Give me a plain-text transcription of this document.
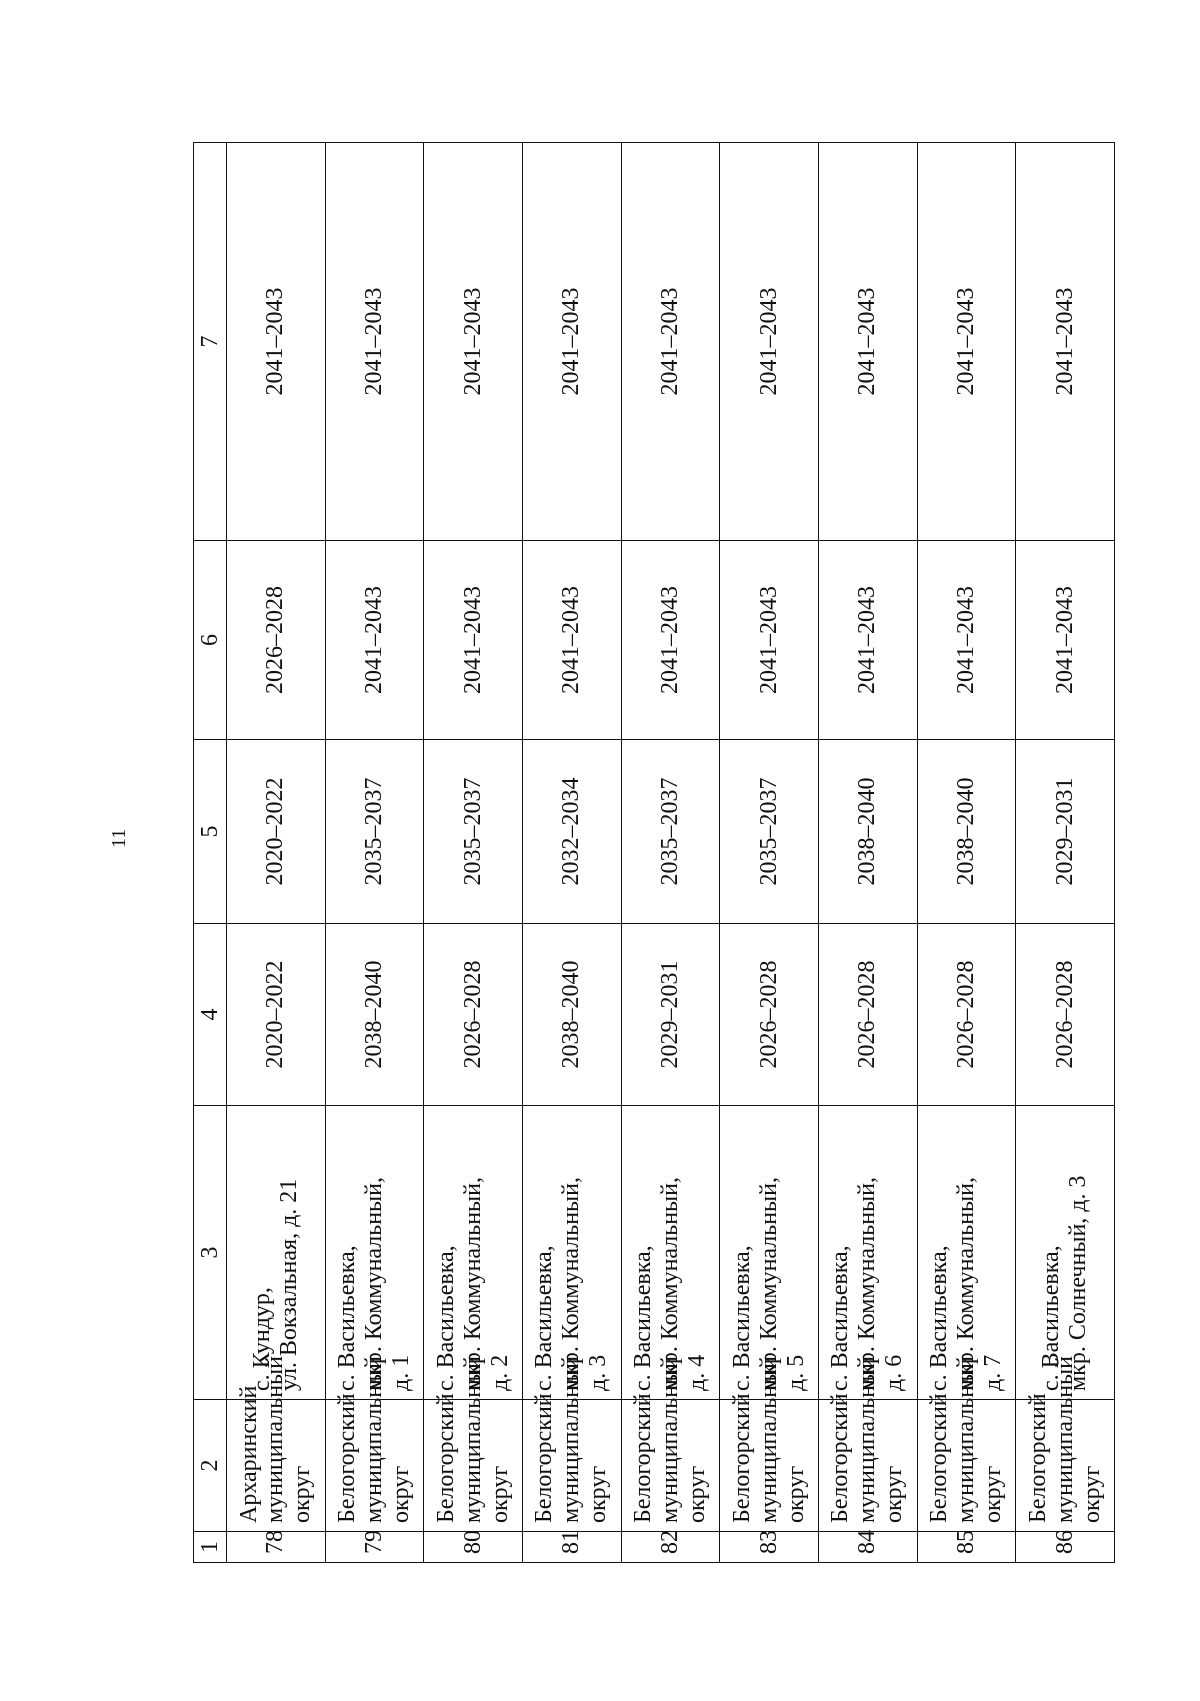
11
1	2	3	4	5	6	7
78	Архаринский муниципальный округ	с. Кундур, ул. Вокзальная, д. 21	2020–2022	2020–2022	2026–2028	2041–2043
79	Белогорский муниципальный округ	с. Васильевка, мкр. Коммунальный, д. 1	2038–2040	2035–2037	2041–2043	2041–2043
80	Белогорский муниципальный округ	с. Васильевка, мкр. Коммунальный, д. 2	2026–2028	2035–2037	2041–2043	2041–2043
81	Белогорский муниципальный округ	с. Васильевка, мкр. Коммунальный, д. 3	2038–2040	2032–2034	2041–2043	2041–2043
82	Белогорский муниципальный округ	с. Васильевка, мкр. Коммунальный, д. 4	2029–2031	2035–2037	2041–2043	2041–2043
83	Белогорский муниципальный округ	с. Васильевка, мкр. Коммунальный, д. 5	2026–2028	2035–2037	2041–2043	2041–2043
84	Белогорский муниципальный округ	с. Васильевка, мкр. Коммунальный, д. 6	2026–2028	2038–2040	2041–2043	2041–2043
85	Белогорский муниципальный округ	с. Васильевка, мкр. Коммунальный, д. 7	2026–2028	2038–2040	2041–2043	2041–2043
86	Белогорский муниципальный округ	с. Васильевка, мкр. Солнечный, д. 3	2026–2028	2029–2031	2041–2043	2041–2043
